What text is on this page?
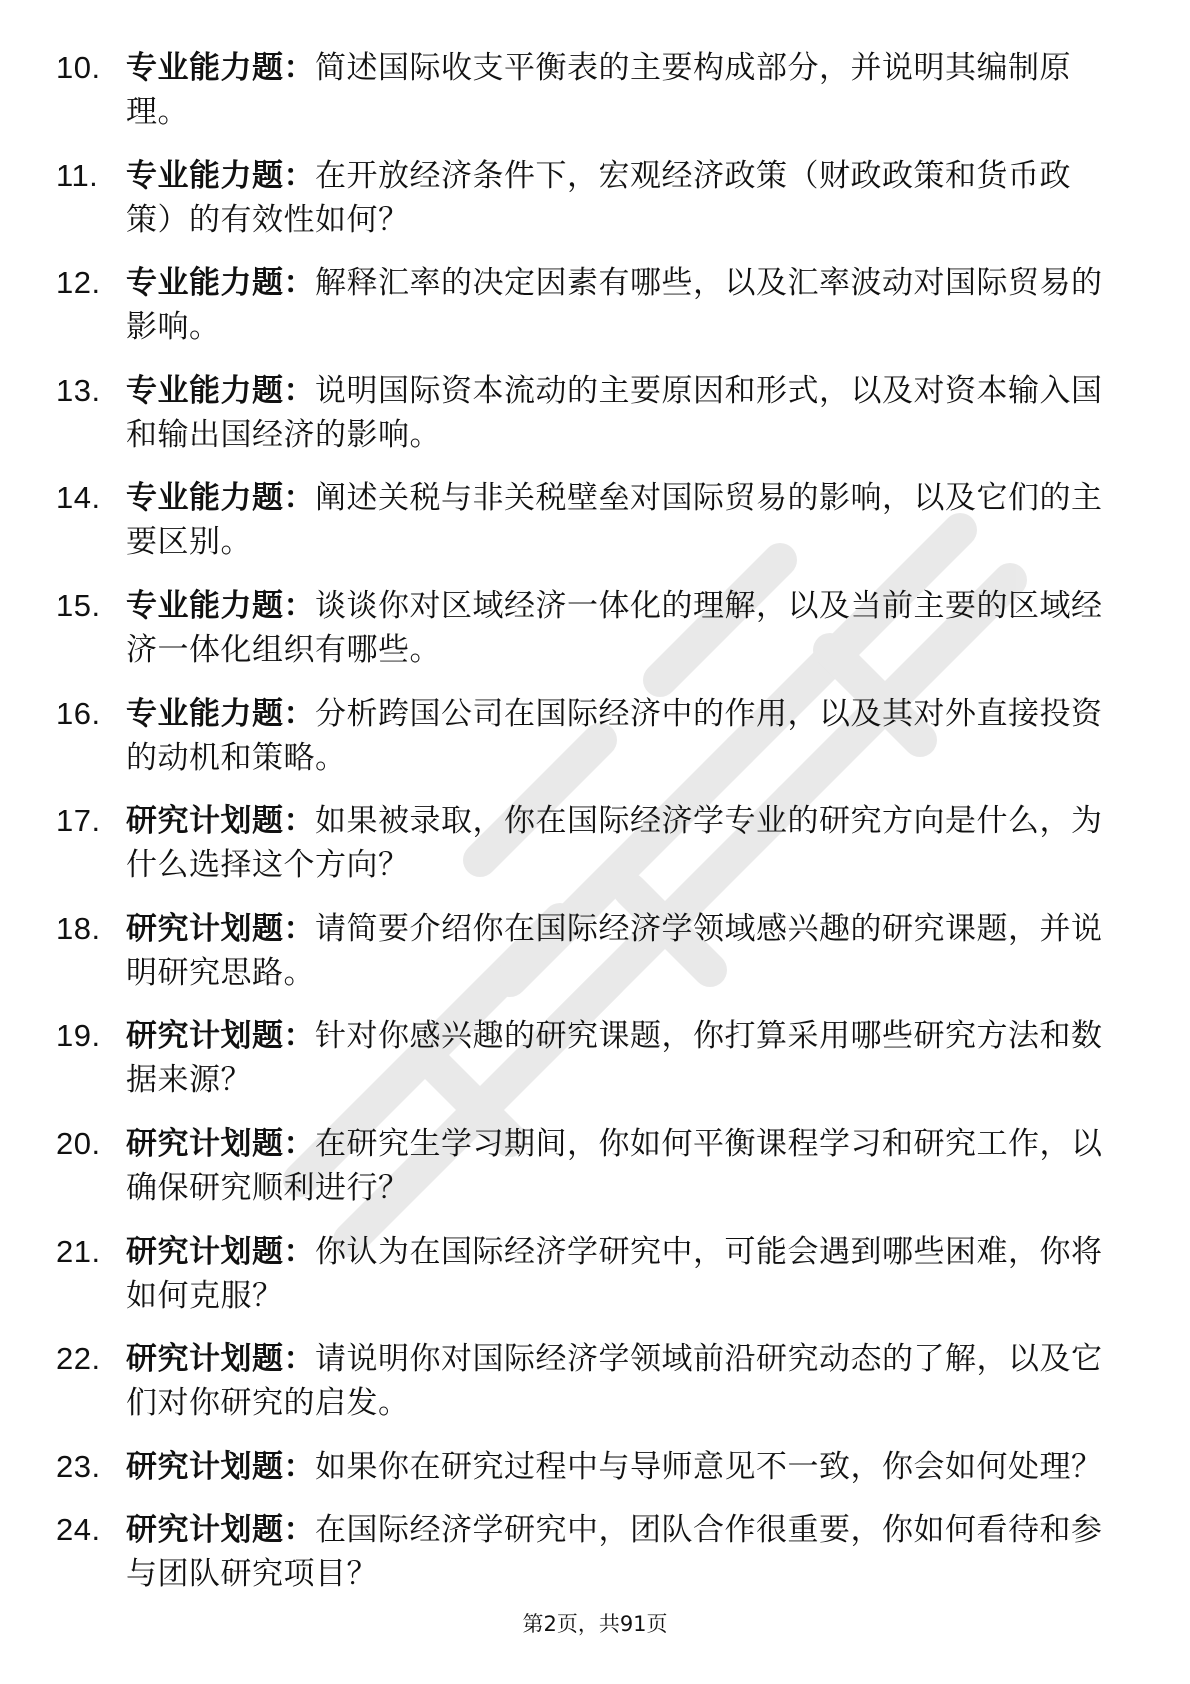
10. 专业能力题：简述国际收支平衡表的主要构成部分，并说明其编制原理。
11. 专业能力题：在开放经济条件下，宏观经济政策（财政政策和货币政策）的有效性如何？
12. 专业能力题：解释汇率的决定因素有哪些，以及汇率波动对国际贸易的影响。
13. 专业能力题：说明国际资本流动的主要原因和形式，以及对资本输入国和输出国经济的影响。
14. 专业能力题：阐述关税与非关税壁垒对国际贸易的影响，以及它们的主要区别。
15. 专业能力题：谈谈你对区域经济一体化的理解，以及当前主要的区域经济一体化组织有哪些。
16. 专业能力题：分析跨国公司在国际经济中的作用，以及其对外直接投资的动机和策略。
17. 研究计划题：如果被录取，你在国际经济学专业的研究方向是什么，为什么选择这个方向？
18. 研究计划题：请简要介绍你在国际经济学领域感兴趣的研究课题，并说明研究思路。
19. 研究计划题：针对你感兴趣的研究课题，你打算采用哪些研究方法和数据来源？
20. 研究计划题：在研究生学习期间，你如何平衡课程学习和研究工作，以确保研究顺利进行？
21. 研究计划题：你认为在国际经济学研究中，可能会遇到哪些困难，你将如何克服？
22. 研究计划题：请说明你对国际经济学领域前沿研究动态的了解，以及它们对你研究的启发。
23. 研究计划题：如果你在研究过程中与导师意见不一致，你会如何处理？
24. 研究计划题：在国际经济学研究中，团队合作很重要，你如何看待和参与团队研究项目？
第2页，共91页
